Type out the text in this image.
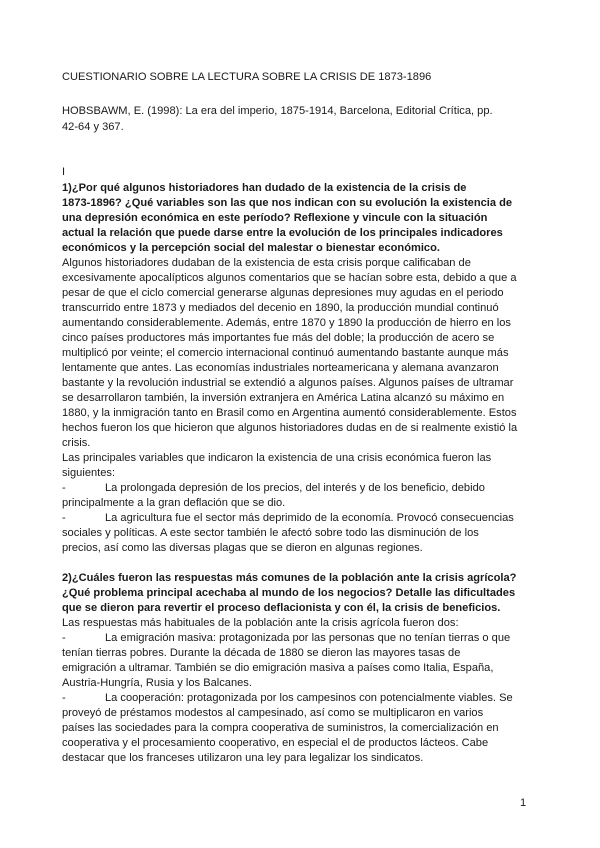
CUESTIONARIO SOBRE LA LECTURA SOBRE LA CRISIS DE 1873-1896
HOBSBAWM, E. (1998): La era del imperio, 1875-1914, Barcelona, Editorial Crítica, pp.
42-64 y 367.
I
1)¿Por qué algunos historiadores han dudado de la existencia de la crisis de
1873-1896? ¿Qué variables son las que nos indican con su evolución la existencia de
una depresión económica en este período? Reflexione y vincule con la situación
actual la relación que puede darse entre la evolución de los principales indicadores
económicos y la percepción social del malestar o bienestar económico.
Algunos historiadores dudaban de la existencia de esta crisis porque calificaban de
excesivamente apocalípticos algunos comentarios que se hacían sobre esta, debido a que a
pesar de que el ciclo comercial generarse algunas depresiones muy agudas en el periodo
transcurrido entre 1873 y mediados del decenio en 1890, la producción mundial continuó
aumentando considerablemente. Además, entre 1870 y 1890 la producción de hierro en los
cinco países productores más importantes fue más del doble; la producción de acero se
multiplicó por veinte; el comercio internacional continuó aumentando bastante aunque más
lentamente que antes. Las economías industriales norteamericana y alemana avanzaron
bastante y la revolución industrial se extendió a algunos países. Algunos países de ultramar
se desarrollaron también, la inversión extranjera en América Latina alcanzó su máximo en
1880, y la inmigración tanto en Brasil como en Argentina aumentó considerablemente. Estos
hechos fueron los que hicieron que algunos historiadores dudas en de si realmente existió la
crisis.
Las principales variables que indicaron la existencia de una crisis económica fueron las
siguientes:
-	La prolongada depresión de los precios, del interés y de los beneficio, debido
principalmente a la gran deflación que se dio.
-	La agricultura fue el sector más deprimido de la economía. Provocó consecuencias
sociales y políticas. A este sector también le afectó sobre todo las disminución de los
precios, así como las diversas plagas que se dieron en algunas regiones.
2)¿Cuáles fueron las respuestas más comunes de la población ante la crisis agrícola?
¿Qué problema principal acechaba al mundo de los negocios? Detalle las dificultades
que se dieron para revertir el proceso deflacionista y con él, la crisis de beneficios.
Las respuestas más habituales de la población ante la crisis agrícola fueron dos:
-	La emigración masiva: protagonizada por las personas que no tenían tierras o que
tenían tierras pobres. Durante la década de 1880 se dieron las mayores tasas de
emigración a ultramar. También se dio emigración masiva a países como Italia, España,
Austria-Hungría, Rusia y los Balcanes.
-	La cooperación: protagonizada por los campesinos con potencialmente viables. Se
proveyó de préstamos modestos al campesinado, así como se multiplicaron en varios
países las sociedades para la compra cooperativa de suministros, la comercialización en
cooperativa y el procesamiento cooperativo, en especial el de productos lácteos. Cabe
destacar que los franceses utilizaron una ley para legalizar los sindicatos.
1
